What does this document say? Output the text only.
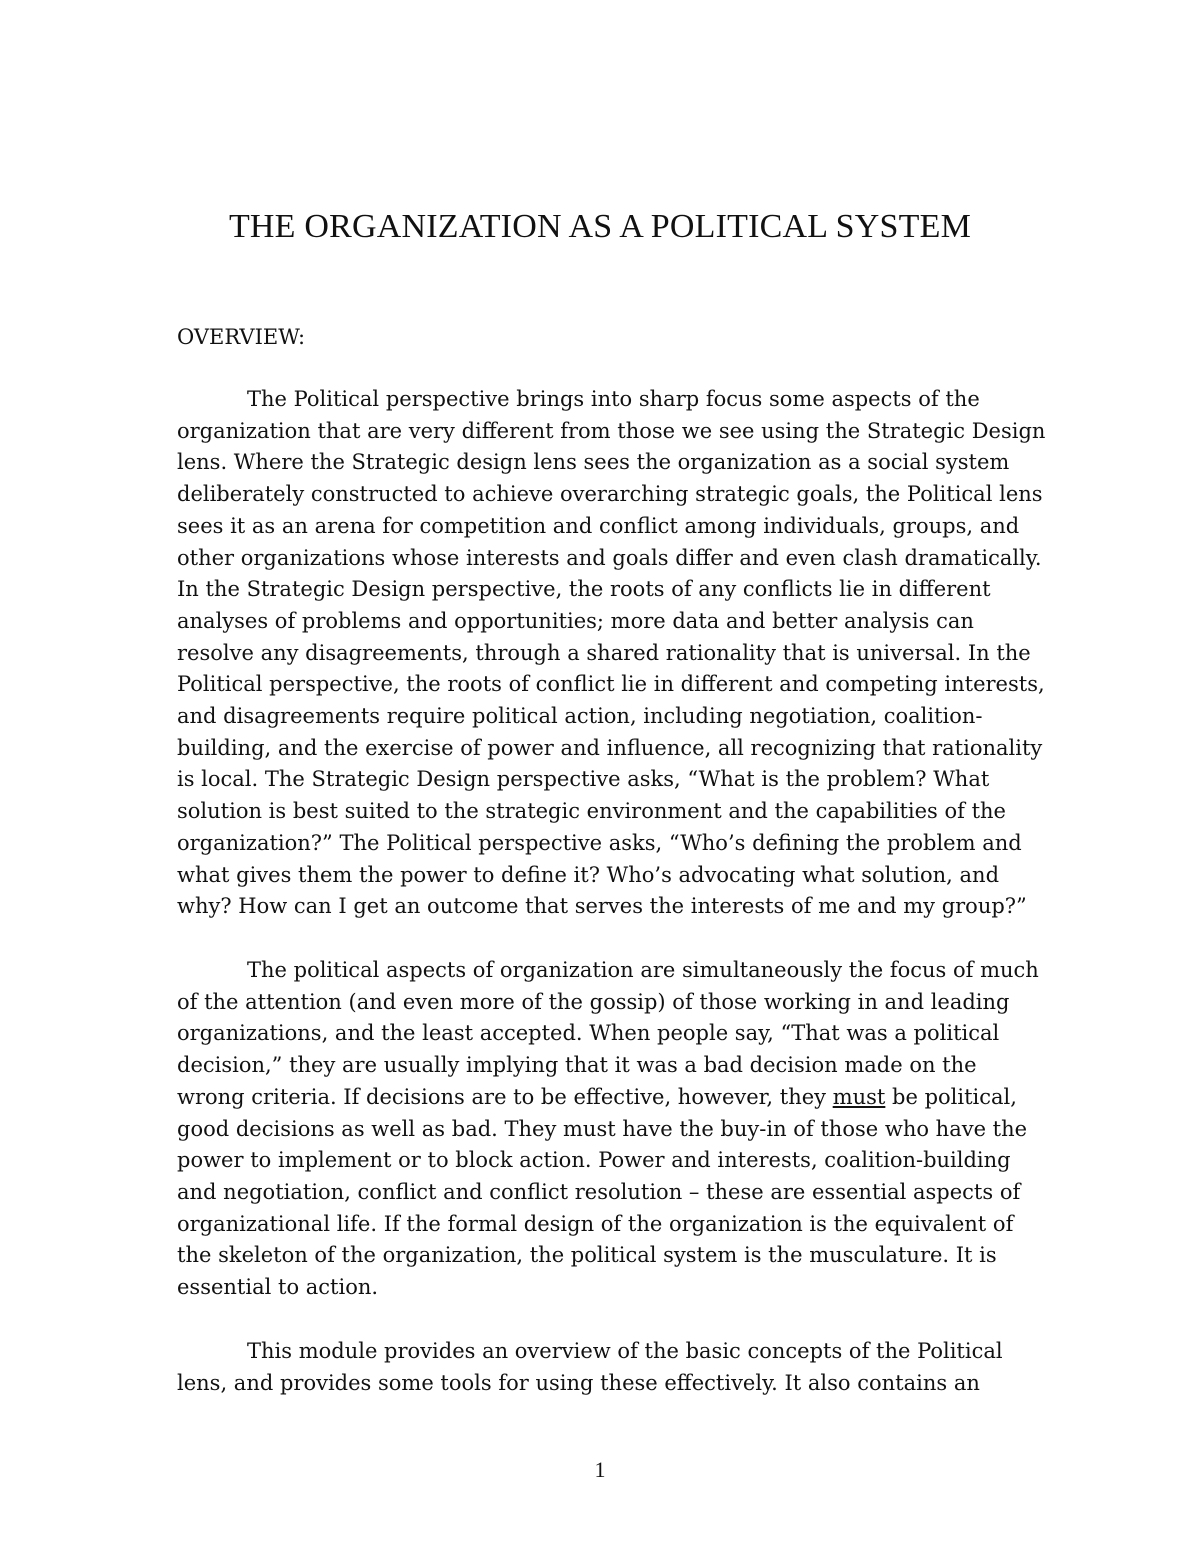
THE ORGANIZATION AS A POLITICAL SYSTEM

OVERVIEW:

The Political perspective brings into sharp focus some aspects of the
organization that are very different from those we see using the Strategic Design
lens. Where the Strategic design lens sees the organization as a social system
deliberately constructed to achieve overarching strategic goals, the Political lens
sees it as an arena for competition and conflict among individuals, groups, and
other organizations whose interests and goals differ and even clash dramatically.
In the Strategic Design perspective, the roots of any conflicts lie in different
analyses of problems and opportunities; more data and better analysis can
resolve any disagreements, through a shared rationality that is universal. In the
Political perspective, the roots of conflict lie in different and competing interests,
and disagreements require political action, including negotiation, coalition-
building, and the exercise of power and influence, all recognizing that rationality
is local. The Strategic Design perspective asks, “What is the problem? What
solution is best suited to the strategic environment and the capabilities of the
organization?” The Political perspective asks, “Who’s defining the problem and
what gives them the power to define it? Who’s advocating what solution, and
why? How can I get an outcome that serves the interests of me and my group?”
The political aspects of organization are simultaneously the focus of much
of the attention (and even more of the gossip) of those working in and leading
organizations, and the least accepted. When people say, “That was a political
decision,” they are usually implying that it was a bad decision made on the
wrong criteria. If decisions are to be effective, however, they must be political,
good decisions as well as bad. They must have the buy-in of those who have the
power to implement or to block action. Power and interests, coalition-building
and negotiation, conflict and conflict resolution – these are essential aspects of
organizational life. If the formal design of the organization is the equivalent of
the skeleton of the organization, the political system is the musculature. It is
essential to action.
This module provides an overview of the basic concepts of the Political
lens, and provides some tools for using these effectively. It also contains an
1
